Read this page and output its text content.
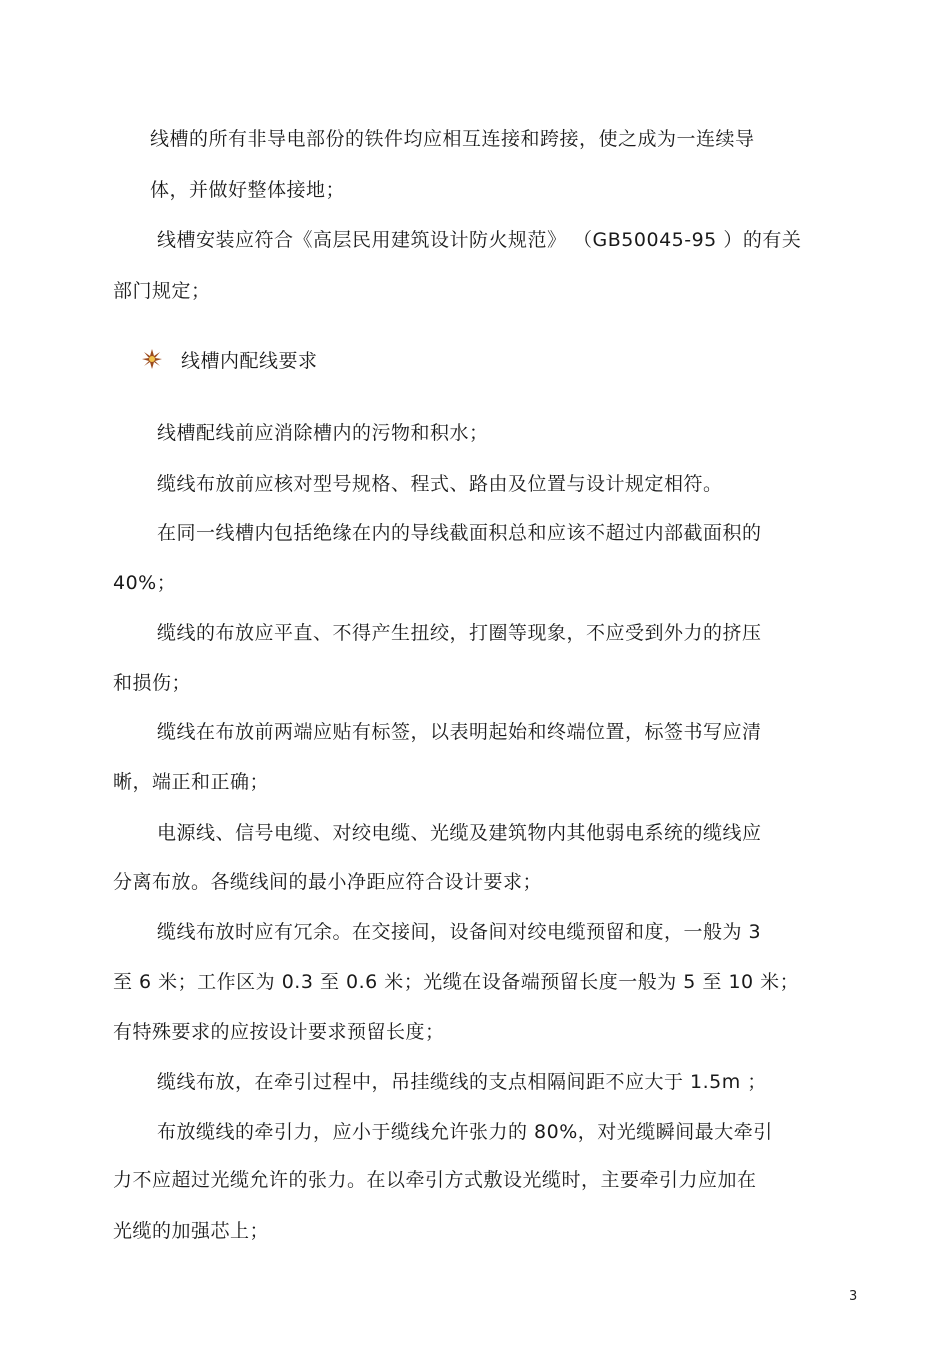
线槽的所有非导电部份的铁件均应相互连接和跨接，使之成为一连续导
体，并做好整体接地；
线槽安装应符合《高层民用建筑设计防火规范》 （GB50045-95 ）的有关
部门规定；
线槽内配线要求
线槽配线前应消除槽内的污物和积水；
缆线布放前应核对型号规格、程式、路由及位置与设计规定相符。
在同一线槽内包括绝缘在内的导线截面积总和应该不超过内部截面积的
40%；
缆线的布放应平直、不得产生扭绞，打圈等现象，不应受到外力的挤压
和损伤；
缆线在布放前两端应贴有标签，以表明起始和终端位置，标签书写应清
晰，端正和正确；
电源线、信号电缆、对绞电缆、光缆及建筑物内其他弱电系统的缆线应
分离布放。各缆线间的最小净距应符合设计要求；
缆线布放时应有冗余。在交接间，设备间对绞电缆预留和度，一般为 3
至 6 米；工作区为 0.3 至 0.6 米；光缆在设备端预留长度一般为 5 至 10 米；
有特殊要求的应按设计要求预留长度；
缆线布放，在牵引过程中，吊挂缆线的支点相隔间距不应大于 1.5m ；
布放缆线的牵引力，应小于缆线允许张力的 80%，对光缆瞬间最大牵引
力不应超过光缆允许的张力。在以牵引方式敷设光缆时，主要牵引力应加在
光缆的加强芯上；
3
